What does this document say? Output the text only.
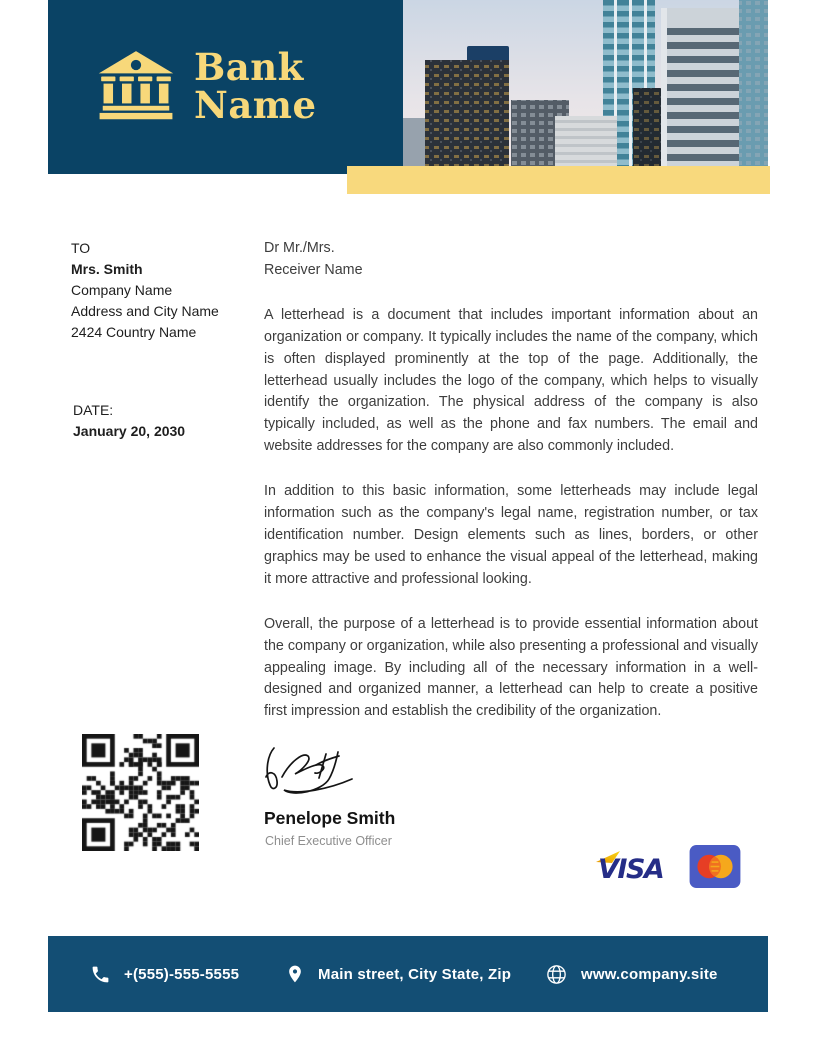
Bank
Name
TO
Mrs. Smith
Company Name
Address and City Name
2424 Country Name
DATE:
January 20, 2030
Dr Mr./Mrs.
Receiver Name

A letterhead is a document that includes important information about an organization or company. It typically includes the name of the company, which is often displayed prominently at the top of the page. Additionally, the letterhead usually includes the logo of the company, which helps to visually identify the organization. The physical address of the company is also typically included, as well as the phone and fax numbers. The email and website addresses for the company are also commonly included.

In addition to this basic information, some letterheads may include legal information such as the company's legal name, registration number, or tax identification number. Design elements such as lines, borders, or other graphics may be used to enhance the visual appeal of the letterhead, making it more attractive and professional looking.

Overall, the purpose of a letterhead is to provide essential information about the company or organization, while also presenting a professional and visually appealing image. By including all of the necessary information in a well-designed and organized manner, a letterhead can help to create a positive first impression and establish the credibility of the organization.

Penelope Smith
Chief Executive Officer
VISA
+(555)-555-5555	Main street, City State, Zip	www.company.site
